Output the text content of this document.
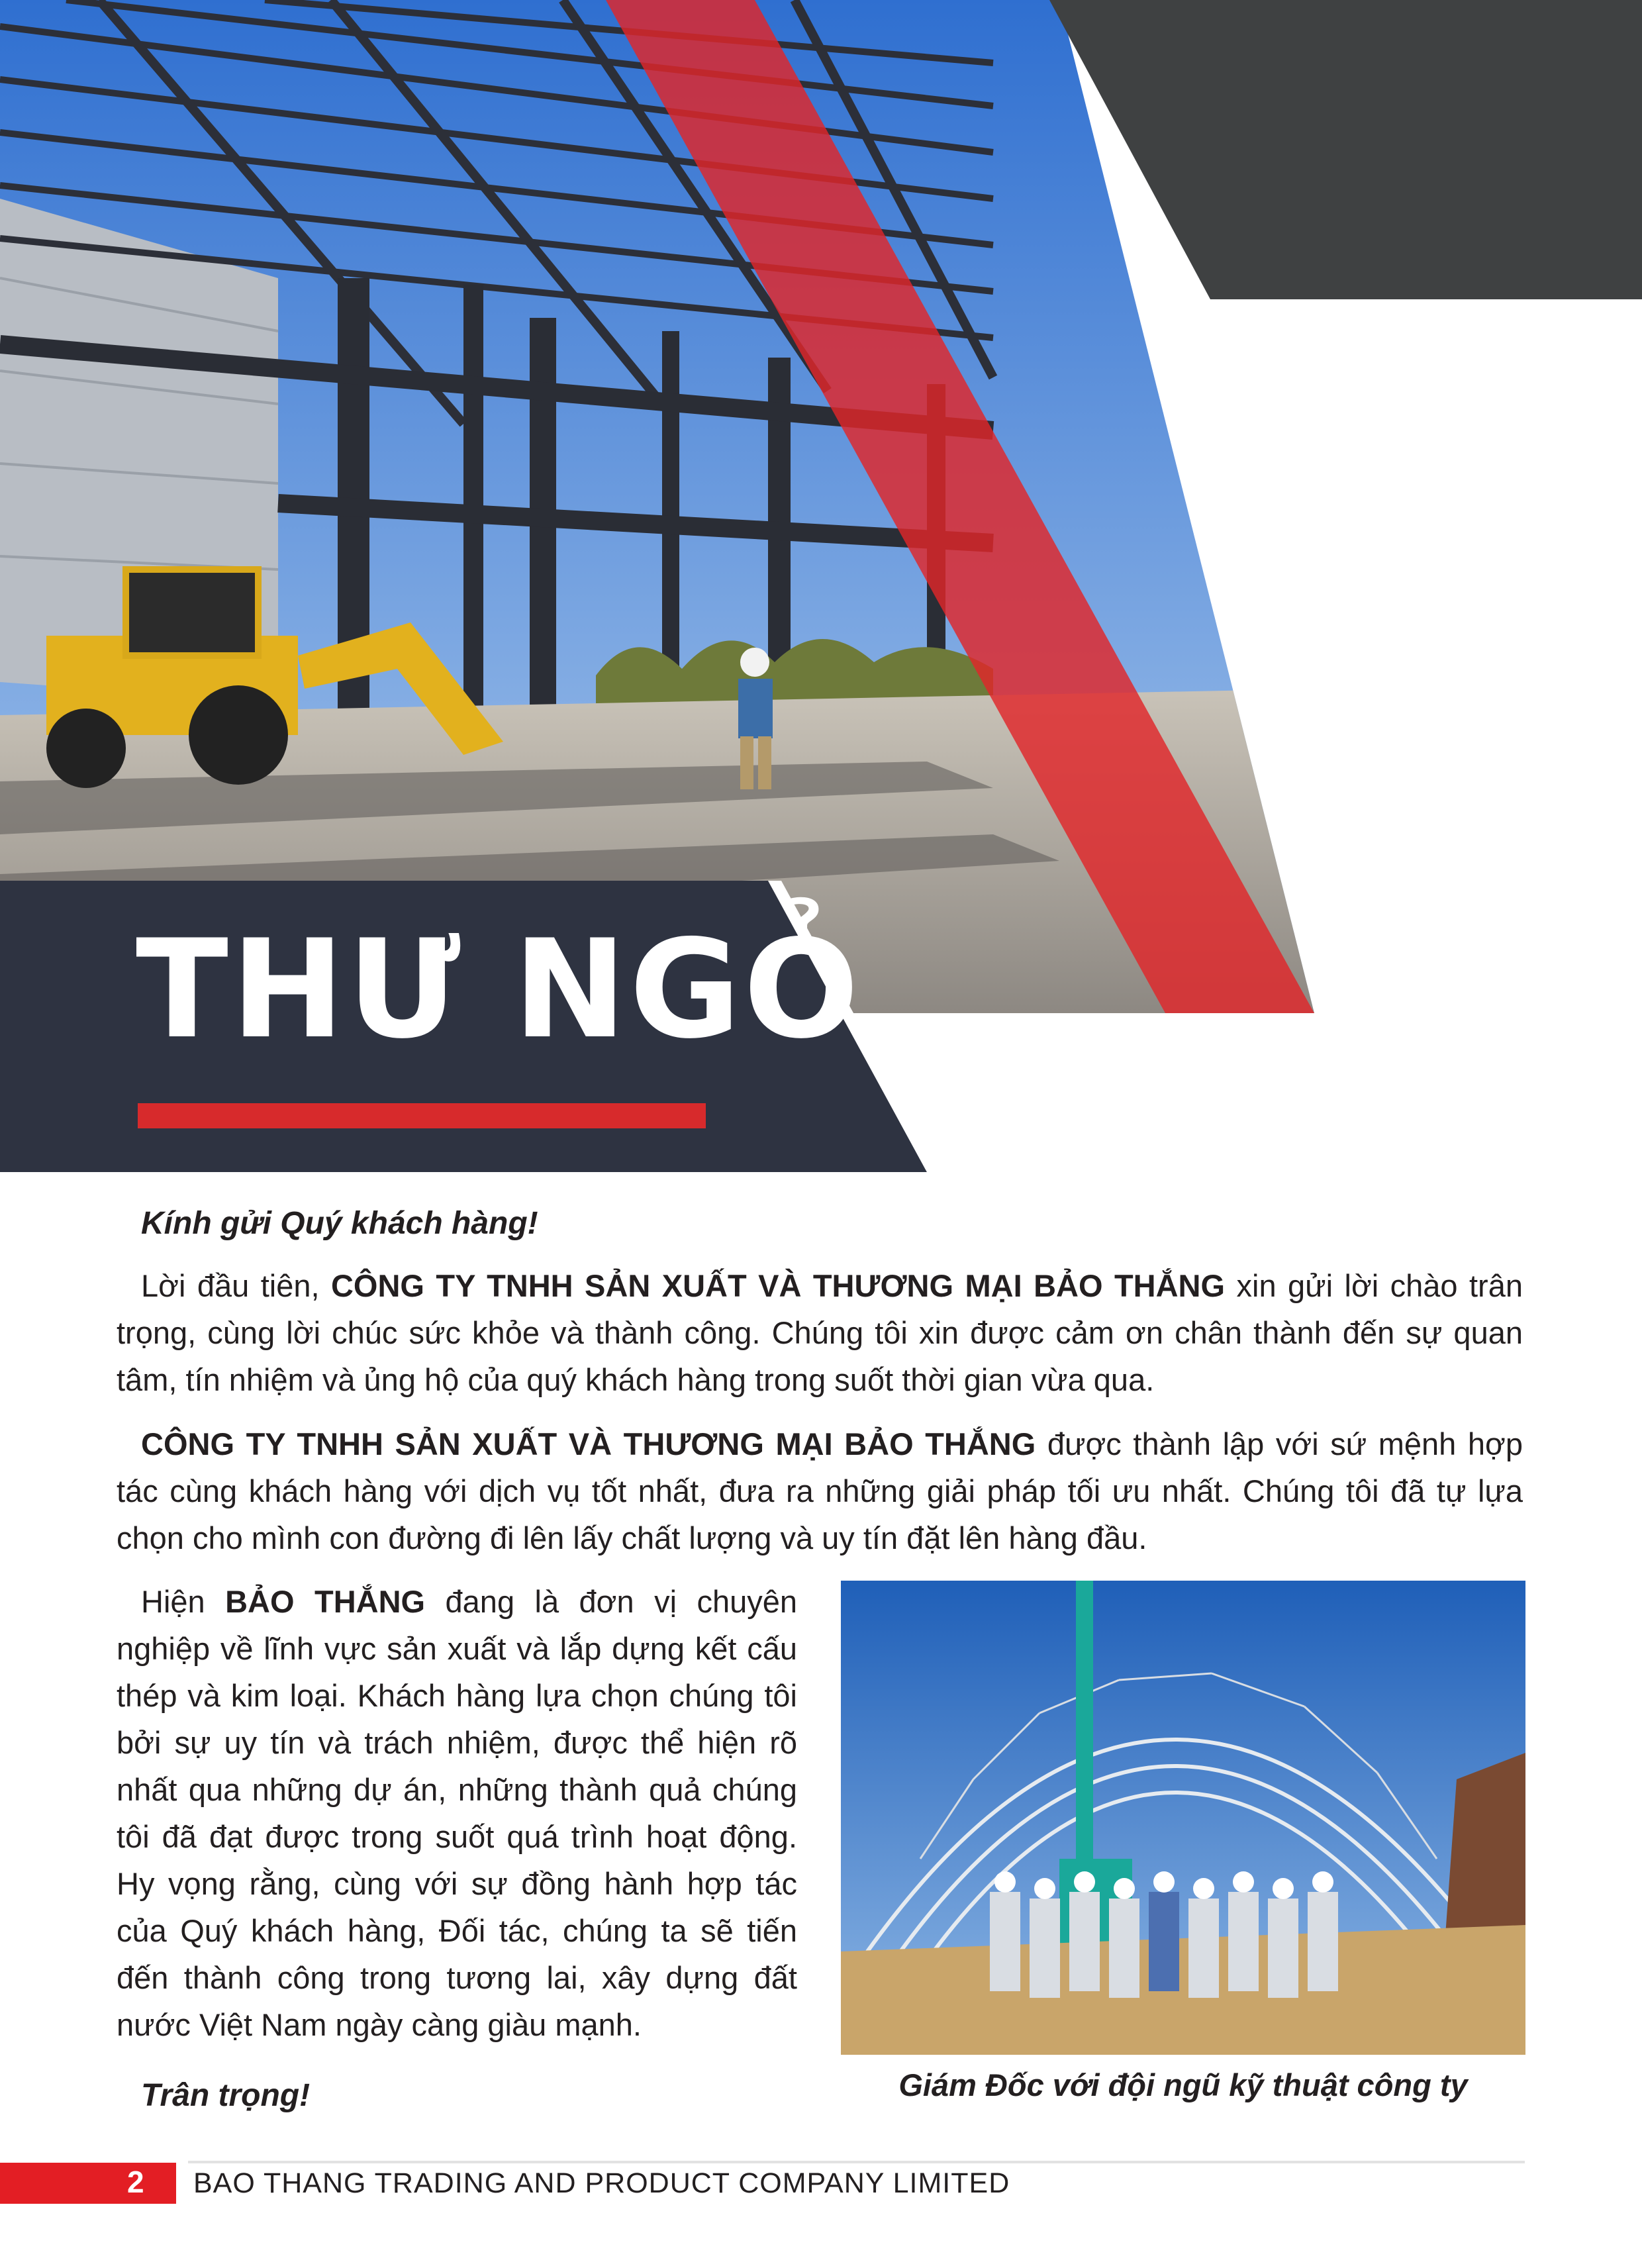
THƯ NGỎ
Kính gửi Quý khách hàng!
Lời đầu tiên, CÔNG TY TNHH SẢN XUẤT VÀ THƯƠNG MẠI BẢO THẮNG xin gửi lời chào trân trọng, cùng lời chúc sức khỏe và thành công. Chúng tôi xin được cảm ơn chân thành đến sự quan tâm, tín nhiệm và ủng hộ của quý khách hàng trong suốt thời gian vừa qua.
CÔNG TY TNHH SẢN XUẤT VÀ THƯƠNG MẠI BẢO THẮNG được thành lập với sứ mệnh hợp tác cùng khách hàng với dịch vụ tốt nhất, đưa ra những giải pháp tối ưu nhất. Chúng tôi đã tự lựa chọn cho mình con đường đi lên lấy chất lượng và uy tín đặt lên hàng đầu.
Hiện BẢO THẮNG đang là đơn vị chuyên nghiệp về lĩnh vực sản xuất và lắp dựng kết cấu thép và kim loại. Khách hàng lựa chọn chúng tôi bởi sự uy tín và trách nhiệm, được thể hiện rõ nhất qua những dự án, những thành quả chúng tôi đã đạt được trong suốt quá trình hoạt động. Hy vọng rằng, cùng với sự đồng hành hợp tác của Quý khách hàng, Đối tác, chúng ta sẽ tiến đến thành công trong tương lai, xây dựng đất nước Việt Nam ngày càng giàu mạnh.
Giám Đốc với đội ngũ kỹ thuật công ty
Trân trọng!
2 BAO THANG TRADING AND PRODUCT COMPANY LIMITED
